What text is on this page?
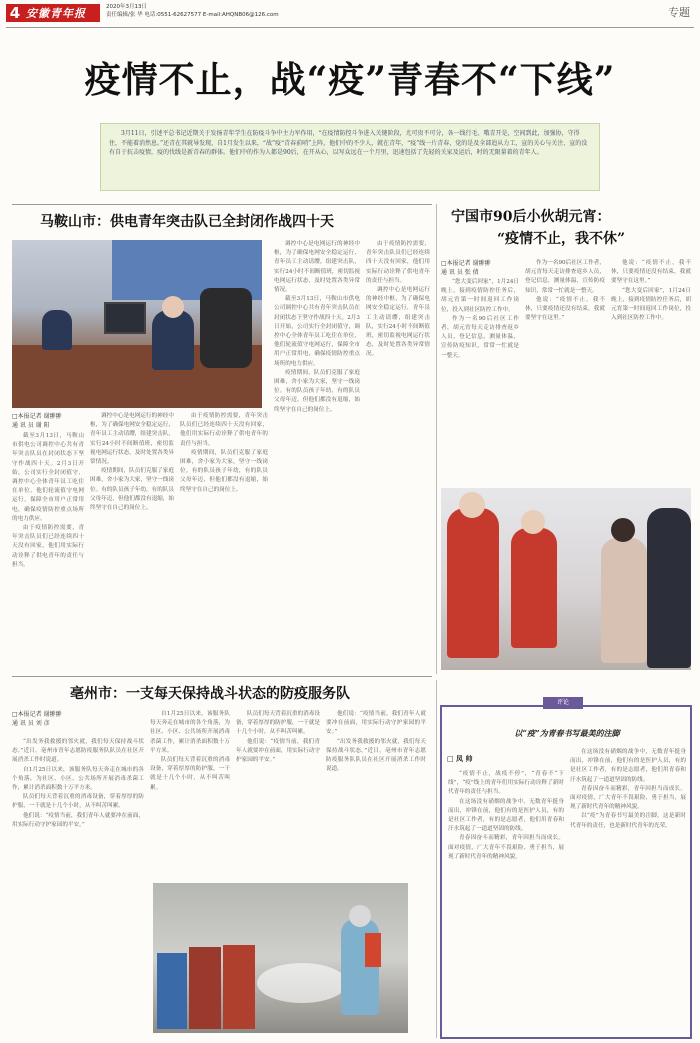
4 安徽青年报	2020年3月13日
责任编辑/张 华 电话:0551-62627577 E-mail:AHQNB06@126.com	专题
疫情不止，战“疫”青春不“下线”

3月11日，引述平总书记近期关于发扬青年学生在防疫斗争中主力军作用，“在疫情防控斗争进入关键阶段，尤可贵不可分，各一线行毛、哦青开是，空间到此，加强协，守得住，不能着消然息。”还青在其就导发现，自1月发生以来，“战”疫“青春前哨”上阵，他们中的不少人，就在青年，“疫”线一片青春，觉的是及全部追从力工，宣的关心与关注、宣的没有自于抗击疫情，疫的伐线是新青春的群体。他们中的作为人都是90后，在开从心，以写众远在一个月里，迅速包括了先轻的关家及运后，时的无限量着的青年人。

马鞍山市：供电青年突击队已全封闭作战四十天
□本报记者 谢翀翀
通 讯 员 谢 阳

截至3月13日，马鞍山市供电公司调控中心共有青年突击队员在封闭状态下坚守作战四十天。2月3日开始，公司实行全封闭值守，调控中心全体青年员工吃住在单位，他们轮流值守电网运行，保障全市用户正常用电，确保疫情防控重点场所的电力供应。

由于疫情防控需要，青年突击队员们已经连续四十天没有回家，他们用实际行动诠释了供电青年的责任与担当。

调控中心是电网运行的神经中枢，为了确保电网安全稳定运行，青年员工主动请缨，组建突击队，实行24小时不间断值班，密切监视电网运行状态，及时处置各类异常情况。

疫情期间，队员们克服了家庭困难，舍小家为大家，坚守一线岗位。有的队员孩子年幼，有的队员父母年迈，但他们都没有退缩，始终坚守在自己的岗位上。

由于疫情防控需要，青年突击队员们已经连续四十天没有回家，他们用实际行动诠释了供电青年的责任与担当。

疫情期间，队员们克服了家庭困难，舍小家为大家，坚守一线岗位。有的队员孩子年幼，有的队员父母年迈，但他们都没有退缩，始终坚守在自己的岗位上。

调控中心是电网运行的神经中枢，为了确保电网安全稳定运行，青年员工主动请缨，组建突击队，实行24小时不间断值班，密切监视电网运行状态，及时处置各类异常情况。

截至3月13日，马鞍山市供电公司调控中心共有青年突击队员在封闭状态下坚守作战四十天。2月3日开始，公司实行全封闭值守，调控中心全体青年员工吃住在单位，他们轮流值守电网运行，保障全市用户正常用电，确保疫情防控重点场所的电力供应。

疫情期间，队员们克服了家庭困难，舍小家为大家，坚守一线岗位。有的队员孩子年幼，有的队员父母年迈，但他们都没有退缩，始终坚守在自己的岗位上。

由于疫情防控需要，青年突击队员们已经连续四十天没有回家，他们用实际行动诠释了供电青年的责任与担当。

调控中心是电网运行的神经中枢，为了确保电网安全稳定运行，青年员工主动请缨，组建突击队，实行24小时不间断值班，密切监视电网运行状态，及时处置各类异常情况。

宁国市90后小伙胡元宵：
“疫情不止，我不休”
□本报记者 谢翀翀
通 讯 员 张 倩

“您大变后回家”，1月24日晚上，接到疫情防控任务后，胡元宵第一时间返回工作岗位，投入到社区防控工作中。

作为一名90后社区工作者，胡元宵每天走访排查返乡人员，登记信息，测量体温，宣传防疫知识，常常一忙就是一整天。

作为一名90后社区工作者，胡元宵每天走访排查返乡人员，登记信息，测量体温，宣传防疫知识，常常一忙就是一整天。

他说：“疫情不止，我不休，只要疫情还没有结束，我就要坚守在这里。”

他说：“疫情不止，我不休，只要疫情还没有结束，我就要坚守在这里。”

“您大变后回家”，1月24日晚上，接到疫情防控任务后，胡元宵第一时间返回工作岗位，投入到社区防控工作中。

亳州市：一支每天保持战斗状态的防疫服务队
□本报记者 谢翀翀
通 讯 员 刘 彦

“出发务我救援的邻火就，我们每天保持战斗状态。”近日，亳州市青年志愿防疫服务队队员在社区开展消杀工作时说道。

自1月25日以来，该服务队每天奔走在城市的各个角落，为社区、小区、公共场所开展消毒杀菌工作，累计消杀面积数十万平方米。

队员们每天背着沉重的消毒设备，穿着厚厚的防护服，一干就是十几个小时，从不叫苦叫累。

他们说：“疫情当前，我们青年人就要冲在前面，用实际行动守护家园的平安。”

自1月25日以来，该服务队每天奔走在城市的各个角落，为社区、小区、公共场所开展消毒杀菌工作，累计消杀面积数十万平方米。

队员们每天背着沉重的消毒设备，穿着厚厚的防护服，一干就是十几个小时，从不叫苦叫累。

队员们每天背着沉重的消毒设备，穿着厚厚的防护服，一干就是十几个小时，从不叫苦叫累。

他们说：“疫情当前，我们青年人就要冲在前面，用实际行动守护家园的平安。”

他们说：“疫情当前，我们青年人就要冲在前面，用实际行动守护家园的平安。”

“出发务我救援的邻火就，我们每天保持战斗状态。”近日，亳州市青年志愿防疫服务队队员在社区开展消杀工作时说道。

评论
以“疫”为青春书写最美的注脚
□ 凤 帅

“疫情不止，战疫不停”，“青春不“下线”，“疫”线上的青年们用实际行动诠释了新时代青年的责任与担当。

在这场没有硝烟的战争中，无数青年挺身而出，冲锋在前，他们有的是医护人员，有的是社区工作者，有的是志愿者，他们用青春和汗水筑起了一道道坚固的防线。

青春因奋斗而精彩，青年因担当而成长。面对疫情，广大青年不畏艰险、勇于担当，展现了新时代青年的精神风貌。

在这场没有硝烟的战争中，无数青年挺身而出，冲锋在前，他们有的是医护人员，有的是社区工作者，有的是志愿者，他们用青春和汗水筑起了一道道坚固的防线。

青春因奋斗而精彩，青年因担当而成长。面对疫情，广大青年不畏艰险、勇于担当，展现了新时代青年的精神风貌。

以“疫”为青春书写最美的注脚，这是新时代青年的责任，也是新时代青年的光荣。
